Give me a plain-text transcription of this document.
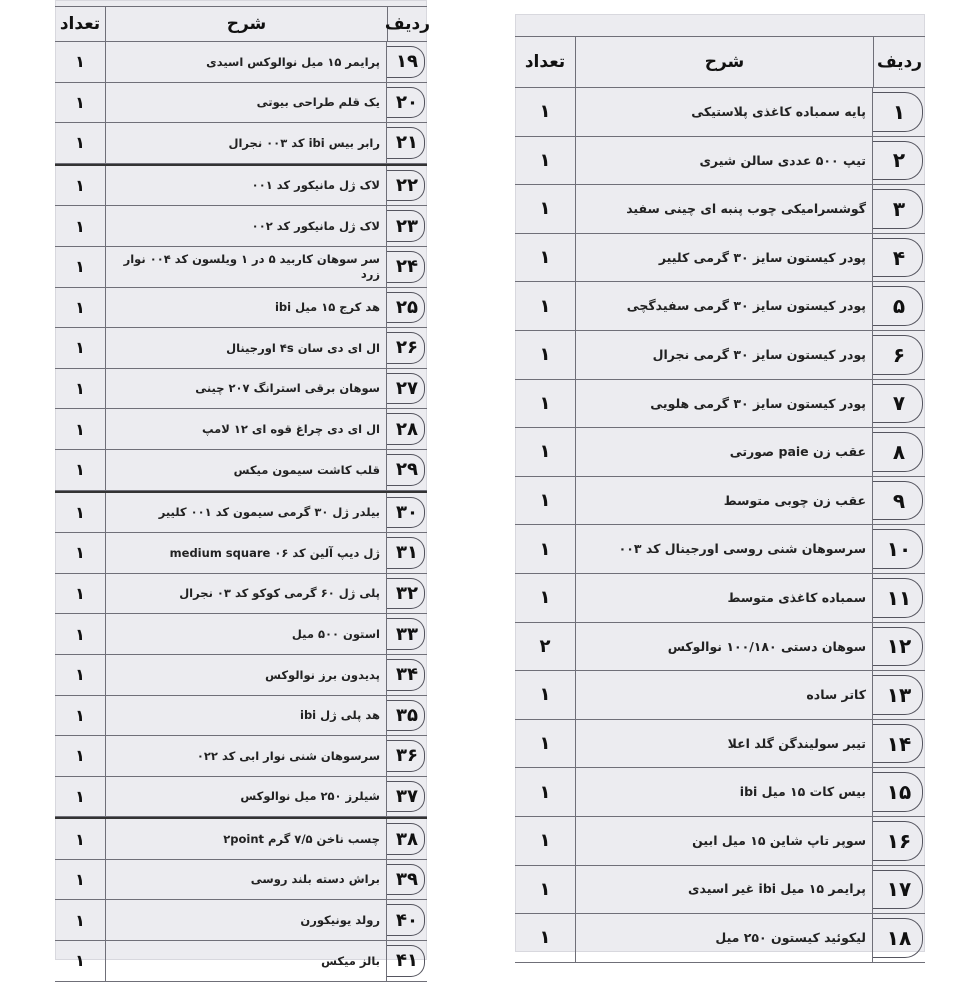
ردیف
شرح
تعداد
۱۹
پرایمر ۱۵ میل نوالوکس اسیدی
۱
۲۰
یک قلم طراحی بیوتی
۱
۲۱
رابر بیس ibi کد ۰۰۳ نجرال
۱
۲۲
لاک ژل مانیکور کد ۰۰۱
۱
۲۳
لاک ژل مانیکور کد ۰۰۲
۱
۲۴
سر سوهان کاربید ۵ در ۱ ویلسون کد ۰۰۴ نوار زرد
۱
۲۵
هد کرج ۱۵ میل ibi
۱
۲۶
ال ای دی سان ۴s اورجینال
۱
۲۷
سوهان برقی استرانگ ۲۰۷ چینی
۱
۲۸
ال ای دی چراغ قوه ای ۱۲ لامپ
۱
۲۹
قلب کاشت سیمون میکس
۱
۳۰
بیلدر ژل ۳۰ گرمی سیمون کد ۰۰۱ کلییر
۱
۳۱
ژل دیپ آلین کد ۰۶ medium square
۱
۳۲
پلی ژل ۶۰ گرمی کوکو کد ۰۳ نجرال
۱
۳۳
استون ۵۰۰ میل
۱
۳۴
پدیدون برز نوالوکس
۱
۳۵
هد پلی ژل ibi
۱
۳۶
سرسوهان شنی نوار ابی کد ۰۲۲
۱
۳۷
شیلرز ۲۵۰ میل نوالوکس
۱
۳۸
چسب ناخن ۷/۵ گرم ۲point
۱
۳۹
براش دسته بلند روسی
۱
۴۰
رولد یونیکورن
۱
۴۱
بالز میکس
۱
ردیف
شرح
تعداد
۱
پایه سمباده کاغذی پلاستیکی
۱
۲
تیپ ۵۰۰ عددی سالن شیری
۱
۳
گوشسرامیکی چوب پنبه ای چینی سفید
۱
۴
پودر کیستون سایز ۳۰ گرمی کلییر
۱
۵
پودر کیستون سایز ۳۰ گرمی سفیدگچی
۱
۶
پودر کیستون سایز ۳۰ گرمی نجرال
۱
۷
پودر کیستون سایز ۳۰ گرمی هلویی
۱
۸
عقب زن paie صورتی
۱
۹
عقب زن چوبی متوسط
۱
۱۰
سرسوهان شنی روسی اورجینال کد ۰۰۳
۱
۱۱
سمباده کاغذی متوسط
۱
۱۲
سوهان دستی ۱۰۰/۱۸۰ نوالوکس
۲
۱۳
کاتر ساده
۱
۱۴
تیبر سولیندگن گلد اعلا
۱
۱۵
بیس کات ۱۵ میل ibi
۱
۱۶
سوپر تاپ شاین ۱۵ میل ابین
۱
۱۷
پرایمر ۱۵ میل ibi غیر اسیدی
۱
۱۸
لیکوئید کیستون ۲۵۰ میل
۱
